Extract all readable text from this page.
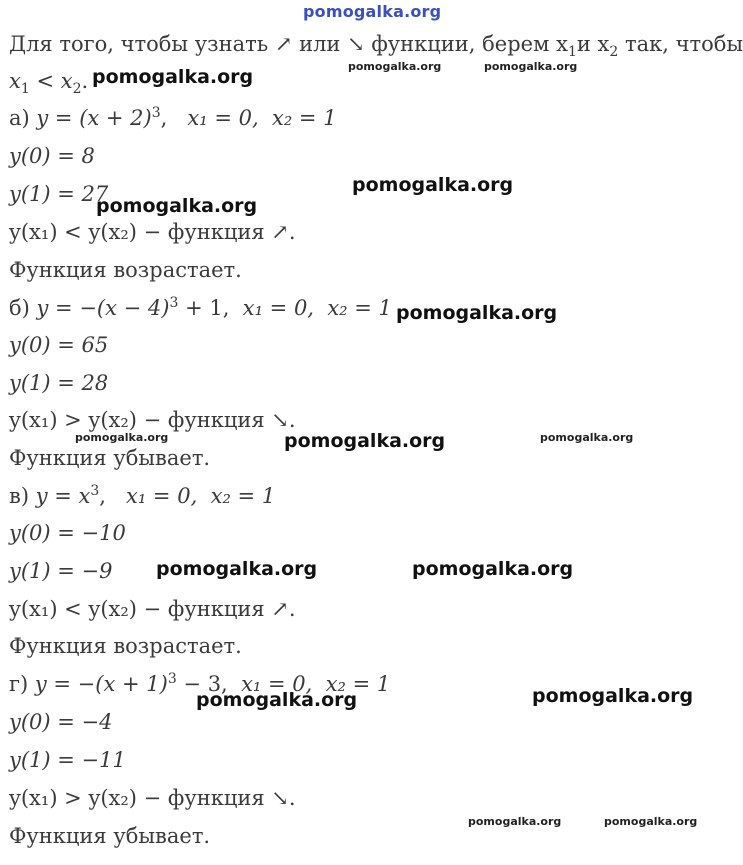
pomogalka.org
Для того, чтобы узнать ↗ или ↘ функции, берем $x_1и$ $x_2$ так, чтобы
$x_1 < x_2$.
а) $y = (x + 2)^3$, x₁ = 0, x₂ = 1
y(0) = 8
y(1) = 27
y(x₁) < y(x₂) − функция ↗.
Функция возрастает.
б) $y = -(x - 4)^3 + 1$, x₁ = 0, x₂ = 1
y(0) = 65
y(1) = 28
y(x₁) > y(x₂) − функция ↘.
Функция убывает.
в) $y = x^3$, x₁ = 0, x₂ = 1
y(0) = −10
y(1) = −9
y(x₁) < y(x₂) − функция ↗.
Функция возрастает.
г) $y = -(x + 1)^3 - 3$, x₁ = 0, x₂ = 1
y(0) = −4
y(1) = −11
y(x₁) > y(x₂) − функция ↘.
Функция убывает.
pomogalka.org	pomogalka.org	pomogalka.org
pomogalka.org
pomogalka.org
pomogalka.org
pomogalka.org	pomogalka.org	pomogalka.org
pomogalka.org	pomogalka.org
pomogalka.org	pomogalka.org
pomogalka.org	pomogalka.org
